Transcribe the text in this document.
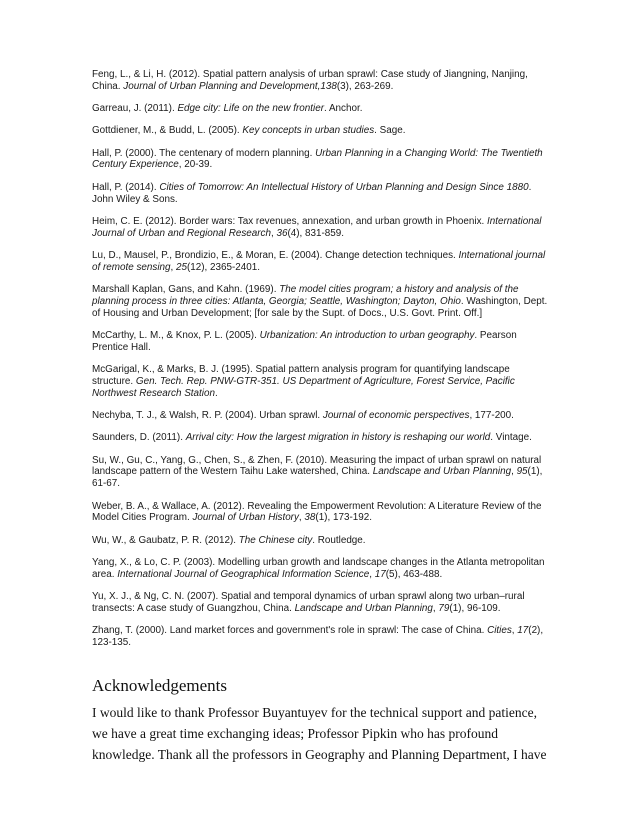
Feng, L., & Li, H. (2012). Spatial pattern analysis of urban sprawl: Case study of Jiangning, Nanjing, China. Journal of Urban Planning and Development,138(3), 263-269.

Garreau, J. (2011). Edge city: Life on the new frontier. Anchor.

Gottdiener, M., & Budd, L. (2005). Key concepts in urban studies. Sage.

Hall, P. (2000). The centenary of modern planning. Urban Planning in a Changing World: The Twentieth Century Experience, 20-39.

Hall, P. (2014). Cities of Tomorrow: An Intellectual History of Urban Planning and Design Since 1880. John Wiley & Sons.

Heim, C. E. (2012). Border wars: Tax revenues, annexation, and urban growth in Phoenix. International Journal of Urban and Regional Research, 36(4), 831-859.

Lu, D., Mausel, P., Brondizio, E., & Moran, E. (2004). Change detection techniques. International journal of remote sensing, 25(12), 2365-2401.

Marshall Kaplan, Gans, and Kahn. (1969). The model cities program; a history and analysis of the planning process in three cities: Atlanta, Georgia; Seattle, Washington; Dayton, Ohio. Washington, Dept. of Housing and Urban Development; [for sale by the Supt. of Docs., U.S. Govt. Print. Off.]

McCarthy, L. M., & Knox, P. L. (2005). Urbanization: An introduction to urban geography. Pearson Prentice Hall.

McGarigal, K., & Marks, B. J. (1995). Spatial pattern analysis program for quantifying landscape structure. Gen. Tech. Rep. PNW-GTR-351. US Department of Agriculture, Forest Service, Pacific Northwest Research Station.

Nechyba, T. J., & Walsh, R. P. (2004). Urban sprawl. Journal of economic perspectives, 177-200.

Saunders, D. (2011). Arrival city: How the largest migration in history is reshaping our world. Vintage.

Su, W., Gu, C., Yang, G., Chen, S., & Zhen, F. (2010). Measuring the impact of urban sprawl on natural landscape pattern of the Western Taihu Lake watershed, China. Landscape and Urban Planning, 95(1), 61-67.

Weber, B. A., & Wallace, A. (2012). Revealing the Empowerment Revolution: A Literature Review of the Model Cities Program. Journal of Urban History, 38(1), 173-192.

Wu, W., & Gaubatz, P. R. (2012). The Chinese city. Routledge.

Yang, X., & Lo, C. P. (2003). Modelling urban growth and landscape changes in the Atlanta metropolitan area. International Journal of Geographical Information Science, 17(5), 463-488.

Yu, X. J., & Ng, C. N. (2007). Spatial and temporal dynamics of urban sprawl along two urban–rural transects: A case study of Guangzhou, China. Landscape and Urban Planning, 79(1), 96-109.

Zhang, T. (2000). Land market forces and government's role in sprawl: The case of China. Cities, 17(2), 123-135.

Acknowledgements

I would like to thank Professor Buyantuyev for the technical support and patience,
we have a great time exchanging ideas; Professor Pipkin who has profound
knowledge. Thank all the professors in Geography and Planning Department, I have
